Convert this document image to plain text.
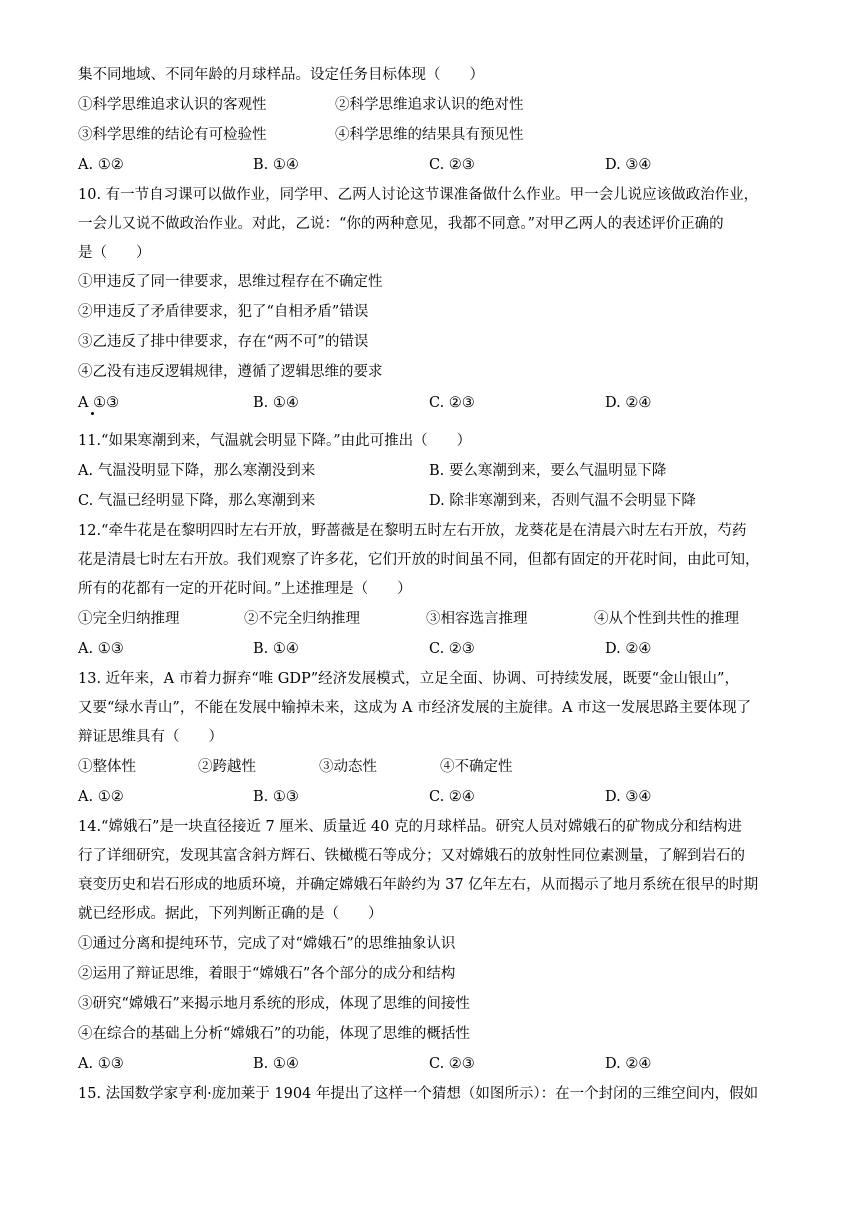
集不同地域、不同年龄的月球样品。设定任务目标体现（　　）
①科学思维追求认识的客观性	②科学思维追求认识的绝对性
③科学思维的结论有可检验性	④科学思维的结果具有预见性
A. ①②	B. ①④	C. ②③	D. ③④
10. 有一节自习课可以做作业，同学甲、乙两人讨论这节课准备做什么作业。甲一会儿说应该做政治作业，
一会儿又说不做政治作业。对此，乙说：“你的两种意见，我都不同意。”对甲乙两人的表述评价正确的
是（　　）
①甲违反了同一律要求，思维过程存在不确定性
②甲违反了矛盾律要求，犯了“自相矛盾”错误
③乙违反了排中律要求，存在“两不可”的错误
④乙没有违反逻辑规律，遵循了逻辑思维的要求
A ①③	B. ①④	C. ②③	D. ②④
11.“如果寒潮到来，气温就会明显下降。”由此可推出（　　）
A. 气温没明显下降，那么寒潮没到来	B. 要么寒潮到来，要么气温明显下降
C. 气温已经明显下降，那么寒潮到来	D. 除非寒潮到来，否则气温不会明显下降
12.“牵牛花是在黎明四时左右开放，野蔷薇是在黎明五时左右开放，龙葵花是在清晨六时左右开放，芍药
花是清晨七时左右开放。我们观察了许多花，它们开放的时间虽不同，但都有固定的开花时间，由此可知，
所有的花都有一定的开花时间。”上述推理是（　　）
①完全归纳推理	②不完全归纳推理	③相容选言推理	④从个性到共性的推理
A. ①③	B. ①④	C. ②③	D. ②④
13. 近年来，A 市着力摒弃“唯 GDP”经济发展模式，立足全面、协调、可持续发展，既要“金山银山”，
又要“绿水青山”，不能在发展中输掉未来，这成为 A 市经济发展的主旋律。A 市这一发展思路主要体现了
辩证思维具有（　　）
①整体性	②跨越性	③动态性	④不确定性
A. ①②	B. ①③	C. ②④	D. ③④
14.“嫦娥石”是一块直径接近 7 厘米、质量近 40 克的月球样品。研究人员对嫦娥石的矿物成分和结构进
行了详细研究，发现其富含斜方辉石、铁橄榄石等成分；又对嫦娥石的放射性同位素测量，了解到岩石的
衰变历史和岩石形成的地质环境，并确定嫦娥石年龄约为 37 亿年左右，从而揭示了地月系统在很早的时期
就已经形成。据此，下列判断正确的是（　　）
①通过分离和提纯环节，完成了对“嫦娥石”的思维抽象认识
②运用了辩证思维，着眼于“嫦娥石”各个部分的成分和结构
③研究“嫦娥石”来揭示地月系统的形成，体现了思维的间接性
④在综合的基础上分析“嫦娥石”的功能，体现了思维的概括性
A. ①③	B. ①④	C. ②③	D. ②④
15. 法国数学家亨利·庞加莱于 1904 年提出了这样一个猜想（如图所示）：在一个封闭的三维空间内，假如
